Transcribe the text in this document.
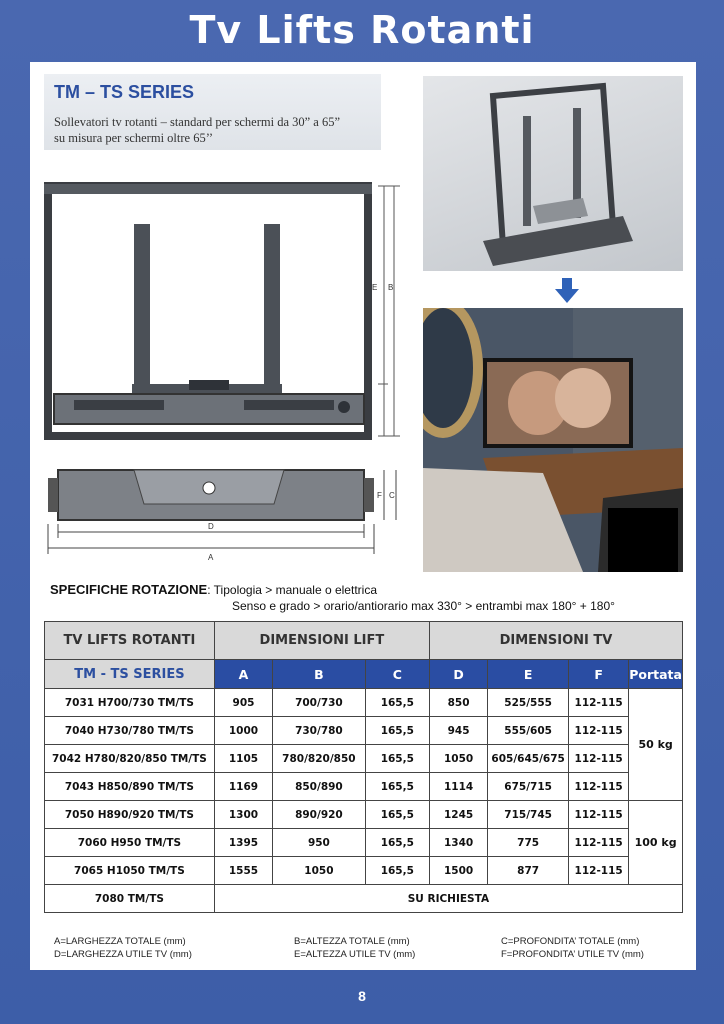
Tv Lifts Rotanti
TM – TS SERIES
Sollevatori tv rotanti – standard per schermi da 30” a 65”
su misura per schermi oltre 65’’
E B
D
A
F C
SPECIFICHE ROTAZIONE: Tipologia > manuale o elettrica
Senso e grado > orario/antiorario max 330° > entrambi max 180° + 180°
TV LIFTS ROTANTI	DIMENSIONI LIFT			DIMENSIONI TV			
TM - TS SERIES	A	B	C	D	E	F	Portata
7031 H700/730 TM/TS	905	700/730	165,5	850	525/555	112-115	50 kg
7040 H730/780 TM/TS	1000	730/780	165,5	945	555/605	112-115	
7042 H780/820/850 TM/TS	1105	780/820/850	165,5	1050	605/645/675	112-115	
7043 H850/890 TM/TS	1169	850/890	165,5	1114	675/715	112-115	
7050 H890/920 TM/TS	1300	890/920	165,5	1245	715/745	112-115	100 kg
7060 H950 TM/TS	1395	950	165,5	1340	775	112-115	
7065 H1050 TM/TS	1555	1050	165,5	1500	877	112-115	
7080 TM/TS	SU RICHIESTA						
A=LARGHEZZA TOTALE (mm)
D=LARGHEZZA UTILE TV (mm)
B=ALTEZZA TOTALE (mm)
E=ALTEZZA UTILE TV (mm)
C=PROFONDITA’ TOTALE (mm)
F=PROFONDITA’ UTILE TV (mm)
8
